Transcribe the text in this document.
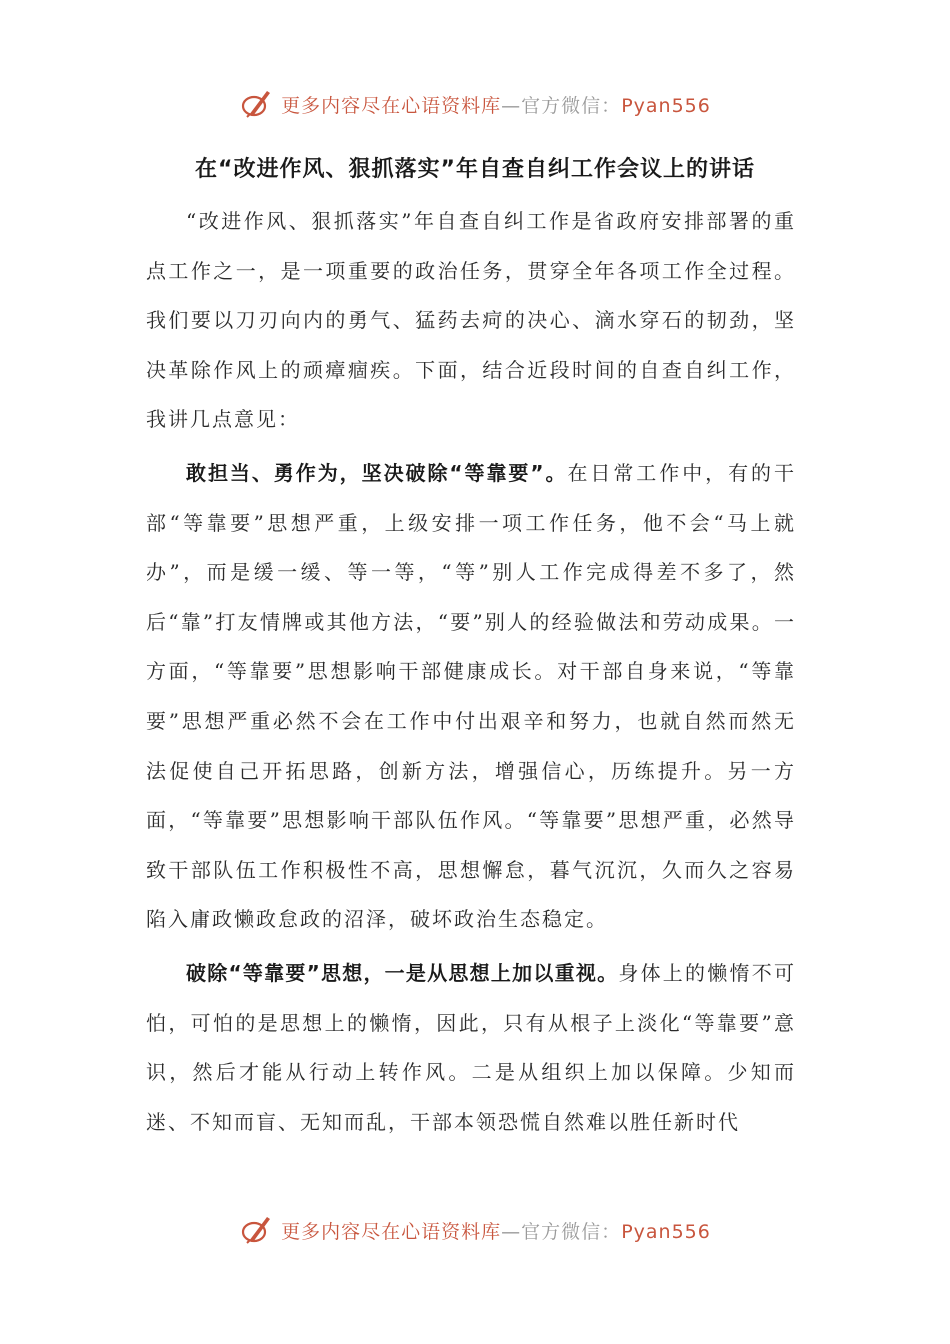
更多内容尽在心语资料库—官方微信：Pyan556
在“改进作风、狠抓落实”年自查自纠工作会议上的讲话

“改进作风、狠抓落实”年自查自纠工作是省政府安排部署的重点工作之一，是一项重要的政治任务，贯穿全年各项工作全过程。我们要以刀刃向内的勇气、猛药去疴的决心、滴水穿石的韧劲，坚决革除作风上的顽瘴痼疾。下面，结合近段时间的自查自纠工作，我讲几点意见：

敢担当、勇作为，坚决破除“等靠要”。在日常工作中，有的干部“等靠要”思想严重，上级安排一项工作任务，他不会“马上就办”，而是缓一缓、等一等，“等”别人工作完成得差不多了，然后“靠”打友情牌或其他方法，“要”别人的经验做法和劳动成果。一方面，“等靠要”思想影响干部健康成长。对干部自身来说，“等靠要”思想严重必然不会在工作中付出艰辛和努力，也就自然而然无法促使自己开拓思路，创新方法，增强信心，历练提升。另一方面，“等靠要”思想影响干部队伍作风。“等靠要”思想严重，必然导致干部队伍工作积极性不高，思想懈怠，暮气沉沉，久而久之容易陷入庸政懒政怠政的沼泽，破坏政治生态稳定。

破除“等靠要”思想，一是从思想上加以重视。身体上的懒惰不可怕，可怕的是思想上的懒惰，因此，只有从根子上淡化“等靠要”意识，然后才能从行动上转作风。二是从组织上加以保障。少知而迷、不知而盲、无知而乱，干部本领恐慌自然难以胜任新时代

更多内容尽在心语资料库—官方微信：Pyan556
